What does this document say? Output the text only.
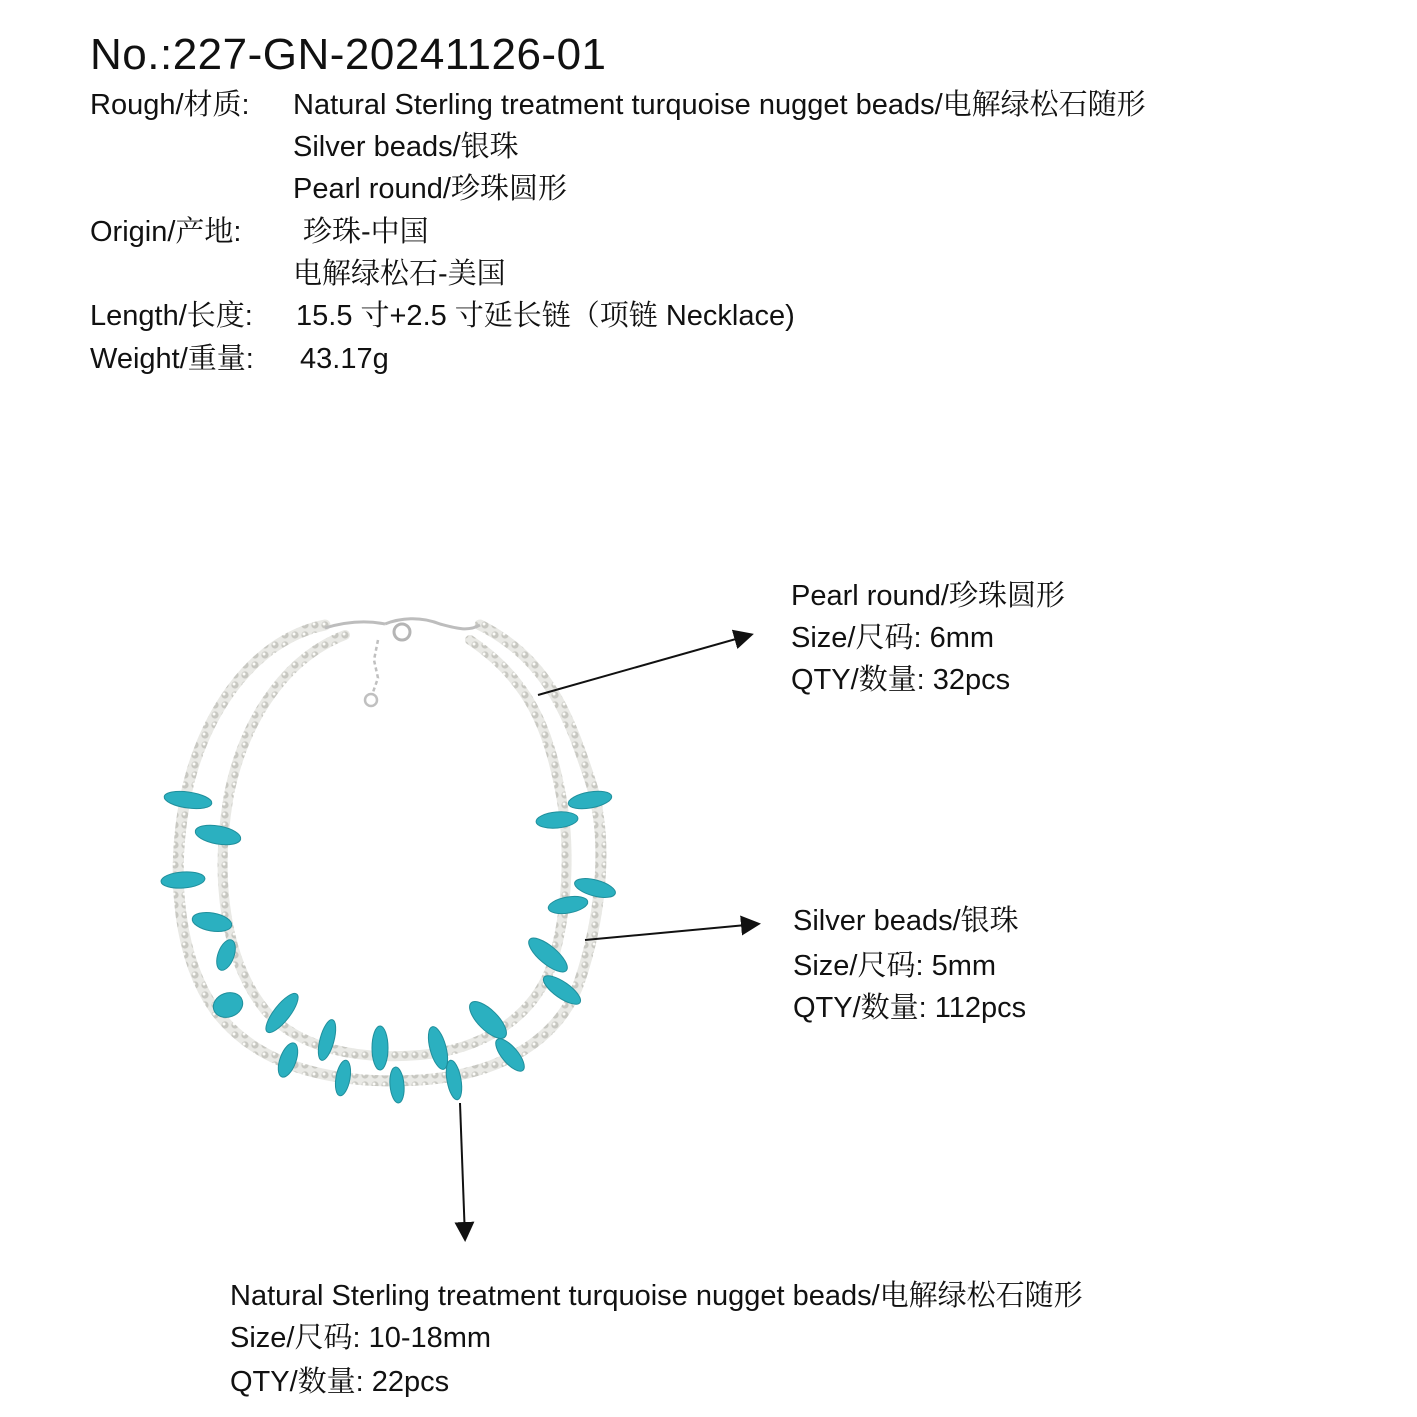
No.:227-GN-20241126-01
Rough/材质: Natural Sterling treatment turquoise nugget beads/电解绿松石随形
Silver beads/银珠
Pearl round/珍珠圆形
Origin/产地: 珍珠-中国
电解绿松石-美国
Length/长度: 15.5 寸+2.5 寸延长链（项链 Necklace)
Weight/重量: 43.17g
Pearl round/珍珠圆形
Size/尺码: 6mm
QTY/数量: 32pcs
Silver beads/银珠
Size/尺码: 5mm
QTY/数量: 112pcs
Natural Sterling treatment turquoise nugget beads/电解绿松石随形
Size/尺码: 10-18mm
QTY/数量: 22pcs
